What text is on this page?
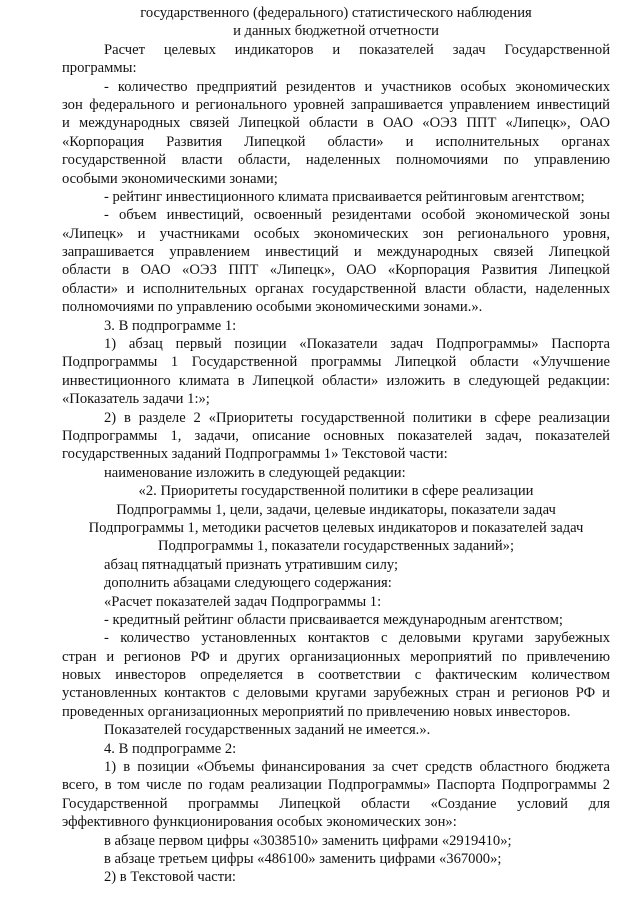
государственного (федерального) статистического наблюдения
и данных бюджетной отчетности
Расчет целевых индикаторов и показателей задач Государственной
программы:
- количество предприятий резидентов и участников особых экономических
зон федерального и регионального уровней запрашивается управлением инвестиций
и международных связей Липецкой области в ОАО «ОЭЗ ППТ «Липецк», ОАО
«Корпорация Развития Липецкой области» и исполнительных органах
государственной власти области, наделенных полномочиями по управлению
особыми экономическими зонами;
- рейтинг инвестиционного климата присваивается рейтинговым агентством;
- объем инвестиций, освоенный резидентами особой экономической зоны
«Липецк» и участниками особых экономических зон регионального уровня,
запрашивается управлением инвестиций и международных связей Липецкой
области в ОАО «ОЭЗ ППТ «Липецк», ОАО «Корпорация Развития Липецкой
области» и исполнительных органах государственной власти области, наделенных
полномочиями по управлению особыми экономическими зонами.».
3. В подпрограмме 1:
1) абзац первый позиции «Показатели задач Подпрограммы» Паспорта
Подпрограммы 1 Государственной программы Липецкой области «Улучшение
инвестиционного климата в Липецкой области» изложить в следующей редакции:
«Показатель задачи 1:»;
2) в разделе 2 «Приоритеты государственной политики в сфере реализации
Подпрограммы 1, задачи, описание основных показателей задач, показателей
государственных заданий Подпрограммы 1» Текстовой части:
наименование изложить в следующей редакции:
«2. Приоритеты государственной политики в сфере реализации
Подпрограммы 1, цели, задачи, целевые индикаторы, показатели задач
Подпрограммы 1, методики расчетов целевых индикаторов и показателей задач
Подпрограммы 1, показатели государственных заданий»;
абзац пятнадцатый признать утратившим силу;
дополнить абзацами следующего содержания:
«Расчет показателей задач Подпрограммы 1:
- кредитный рейтинг области присваивается международным агентством;
- количество установленных контактов с деловыми кругами зарубежных
стран и регионов РФ и других организационных мероприятий по привлечению
новых инвесторов определяется в соответствии с фактическим количеством
установленных контактов с деловыми кругами зарубежных стран и регионов РФ и
проведенных организационных мероприятий по привлечению новых инвесторов.
Показателей государственных заданий не имеется.».
4. В подпрограмме 2:
1) в позиции «Объемы финансирования за счет средств областного бюджета
всего, в том числе по годам реализации Подпрограммы» Паспорта Подпрограммы 2
Государственной программы Липецкой области «Создание условий для
эффективного функционирования особых экономических зон»:
в абзаце первом цифры «3038510» заменить цифрами «2919410»;
в абзаце третьем цифры «486100» заменить цифрами «367000»;
2) в Текстовой части:
